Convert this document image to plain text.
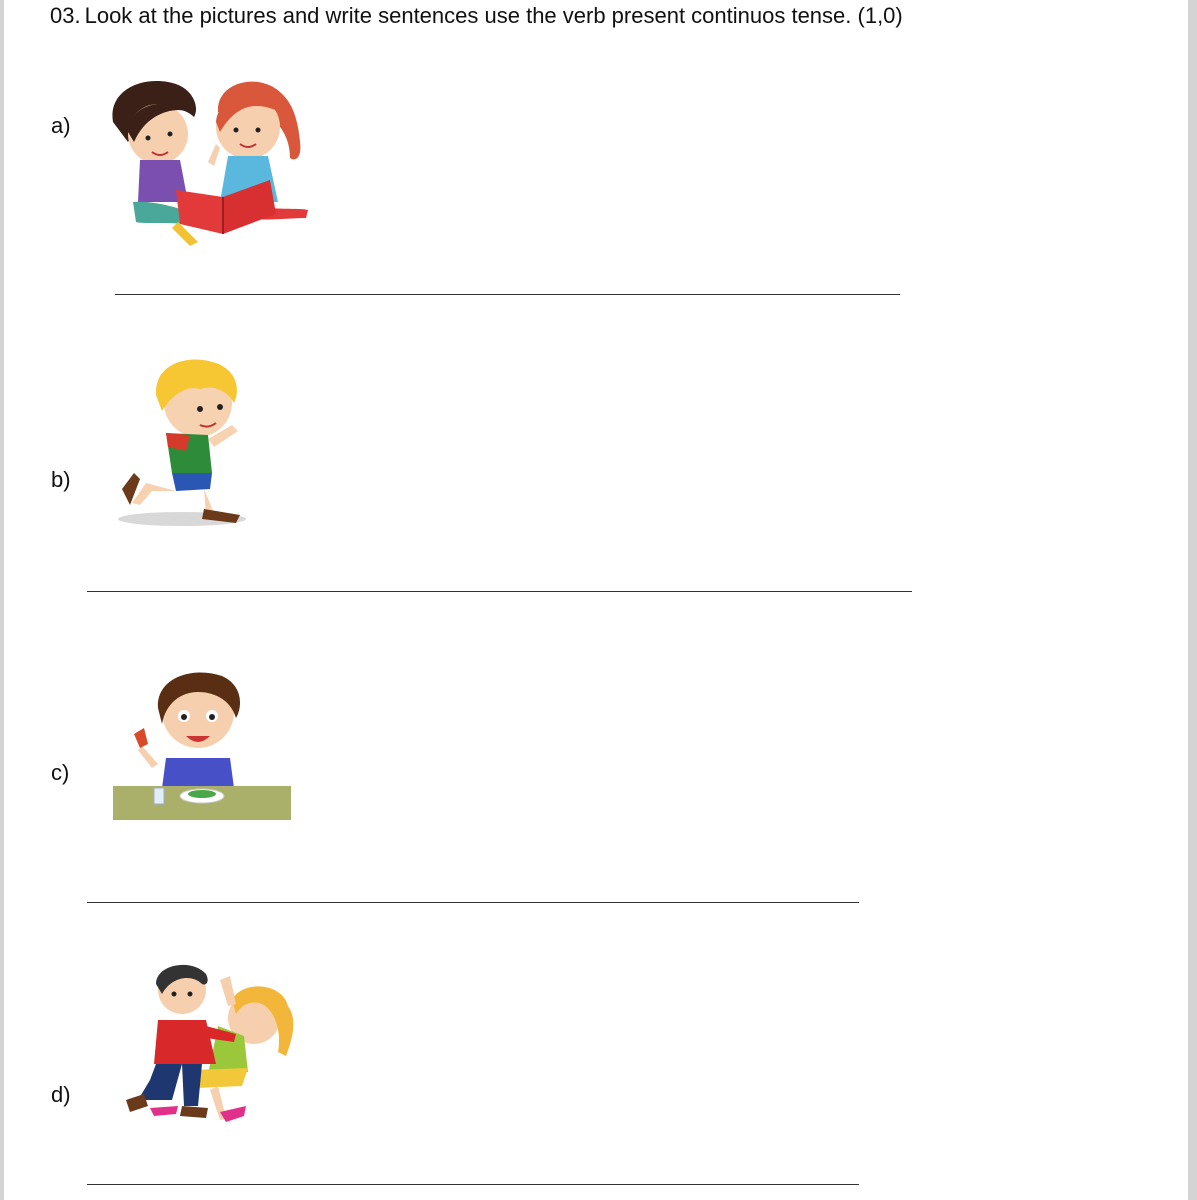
03. Look at the pictures and write sentences use the verb present continuos tense. (1,0)
a)
b)
c)
d)
